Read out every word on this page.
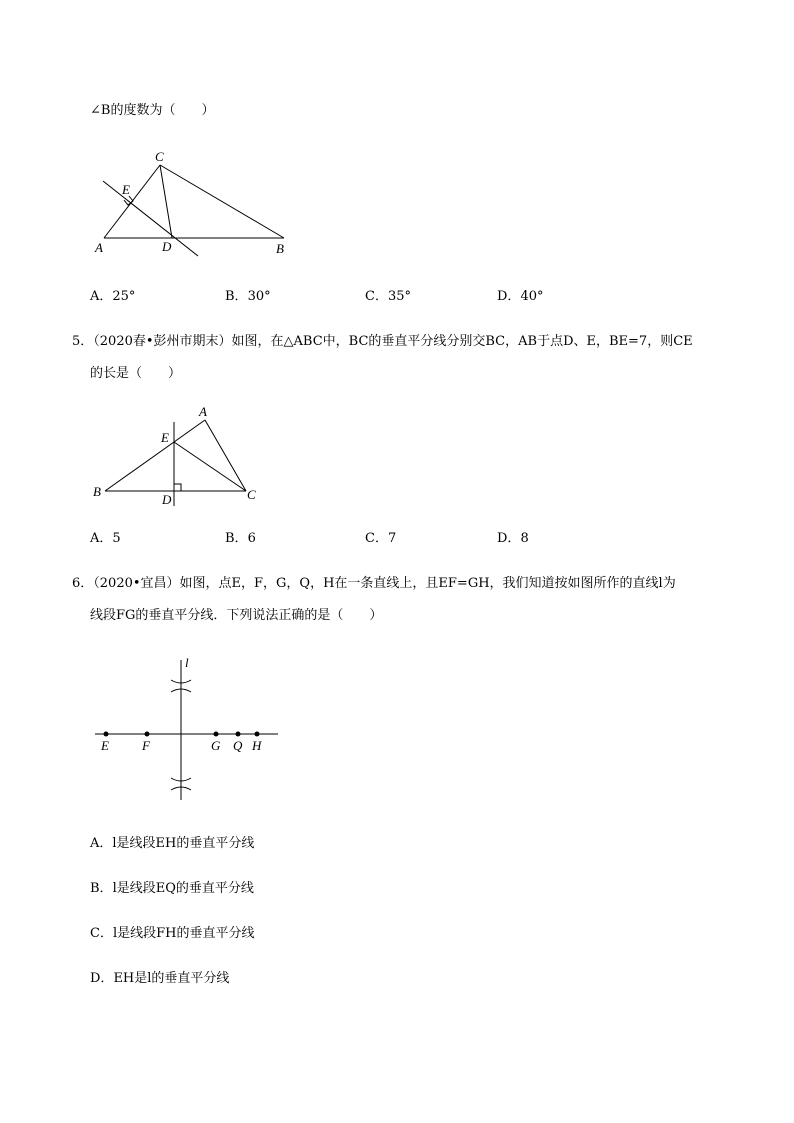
∠B的度数为（　　）
C
E
A	D	B
A．25°	B．30°	C．35°	D．40°
5．（2020春•彭州市期末）如图，在△ABC中，BC的垂直平分线分别交BC，AB于点D、E，BE=7，则CE
的长是（　　）
A
E
B
D	C
A．5	B．6	C．7	D．8
6．（2020•宜昌）如图，点E，F，G，Q，H在一条直线上，且EF=GH，我们知道按如图所作的直线l为
线段FG的垂直平分线．下列说法正确的是（　　）
l
E	F	G Q H
A．l是线段EH的垂直平分线
B．l是线段EQ的垂直平分线
C．l是线段FH的垂直平分线
D．EH是l的垂直平分线
